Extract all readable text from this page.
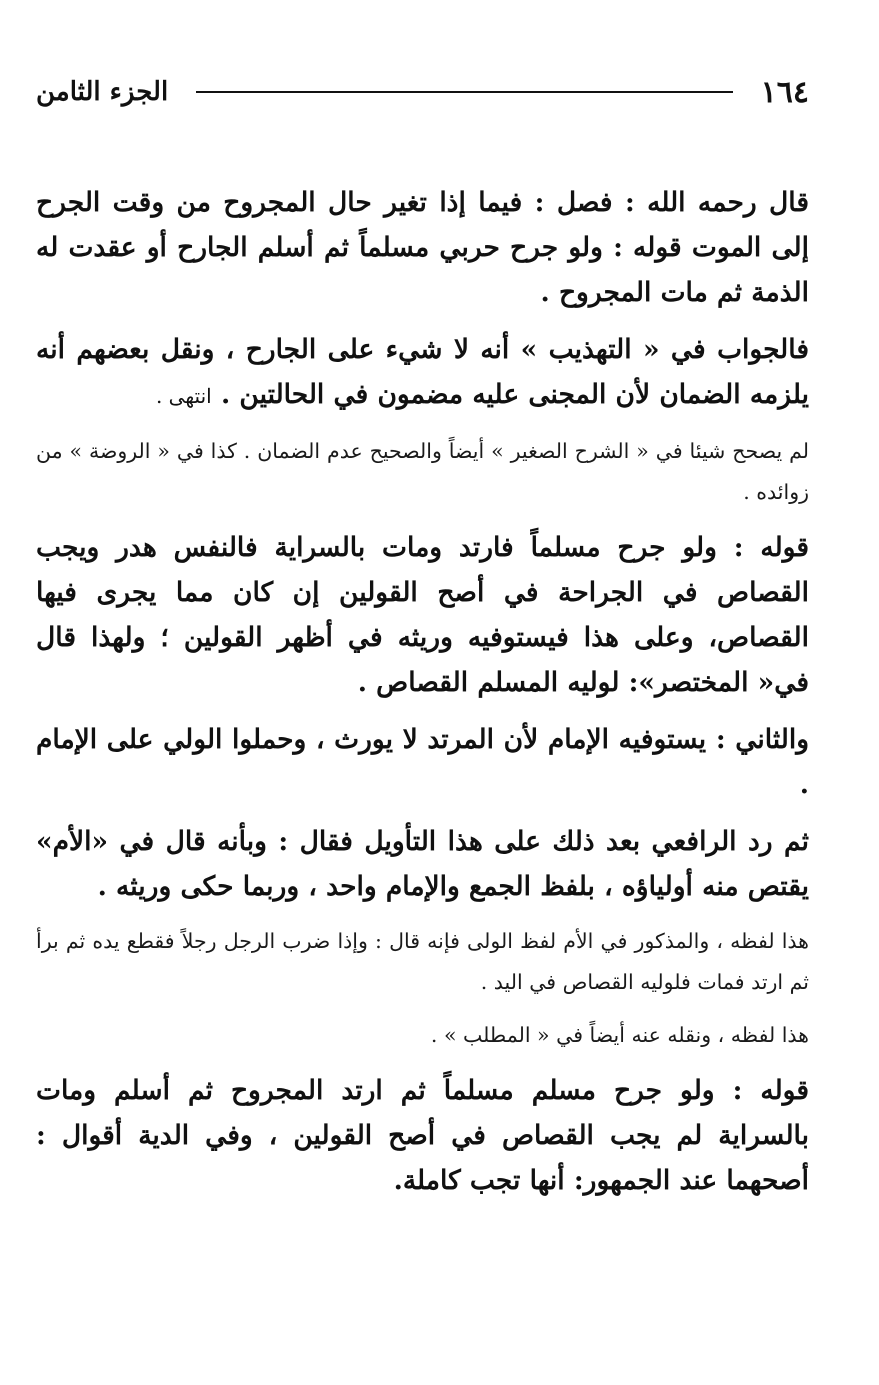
١٦٤
الجزء الثامن

قال رحمه الله : فصل : فيما إذا تغير حال المجروح من وقت الجرح إلى الموت قوله : ولو جرح حربي مسلماً ثم أسلم الجارح أو عقدت له الذمة ثم مات المجروح .

فالجواب في « التهذيب » أنه لا شيء على الجارح ، ونقل بعضهم أنه يلزمه الضمان لأن المجنى عليه مضمون في الحالتين . انتهى .

لم يصحح شيئا في « الشرح الصغير » أيضاً والصحيح عدم الضمان . كذا في « الروضة » من زوائده .

قوله : ولو جرح مسلماً فارتد ومات بالسراية فالنفس هدر ويجب القصاص في الجراحة في أصح القولين إن كان مما يجرى فيها القصاص، وعلى هذا فيستوفيه وريثه في أظهر القولين ؛ ولهذا قال في« المختصر»: لوليه المسلم القصاص .

والثاني : يستوفيه الإمام لأن المرتد لا يورث ، وحملوا الولي على الإمام .

ثم رد الرافعي بعد ذلك على هذا التأويل فقال : وبأنه قال في «الأم» يقتص منه أولياؤه ، بلفظ الجمع والإمام واحد ، وربما حكى وريثه .

هذا لفظه ، والمذكور في الأم لفظ الولى فإنه قال : وإذا ضرب الرجل رجلاً فقطع يده ثم برأ ثم ارتد فمات فلوليه القصاص في اليد .

هذا لفظه ، ونقله عنه أيضاً في « المطلب » .

قوله : ولو جرح مسلم مسلماً ثم ارتد المجروح ثم أسلم ومات بالسراية لم يجب القصاص في أصح القولين ، وفي الدية أقوال : أصحهما عند الجمهور: أنها تجب كاملة.
